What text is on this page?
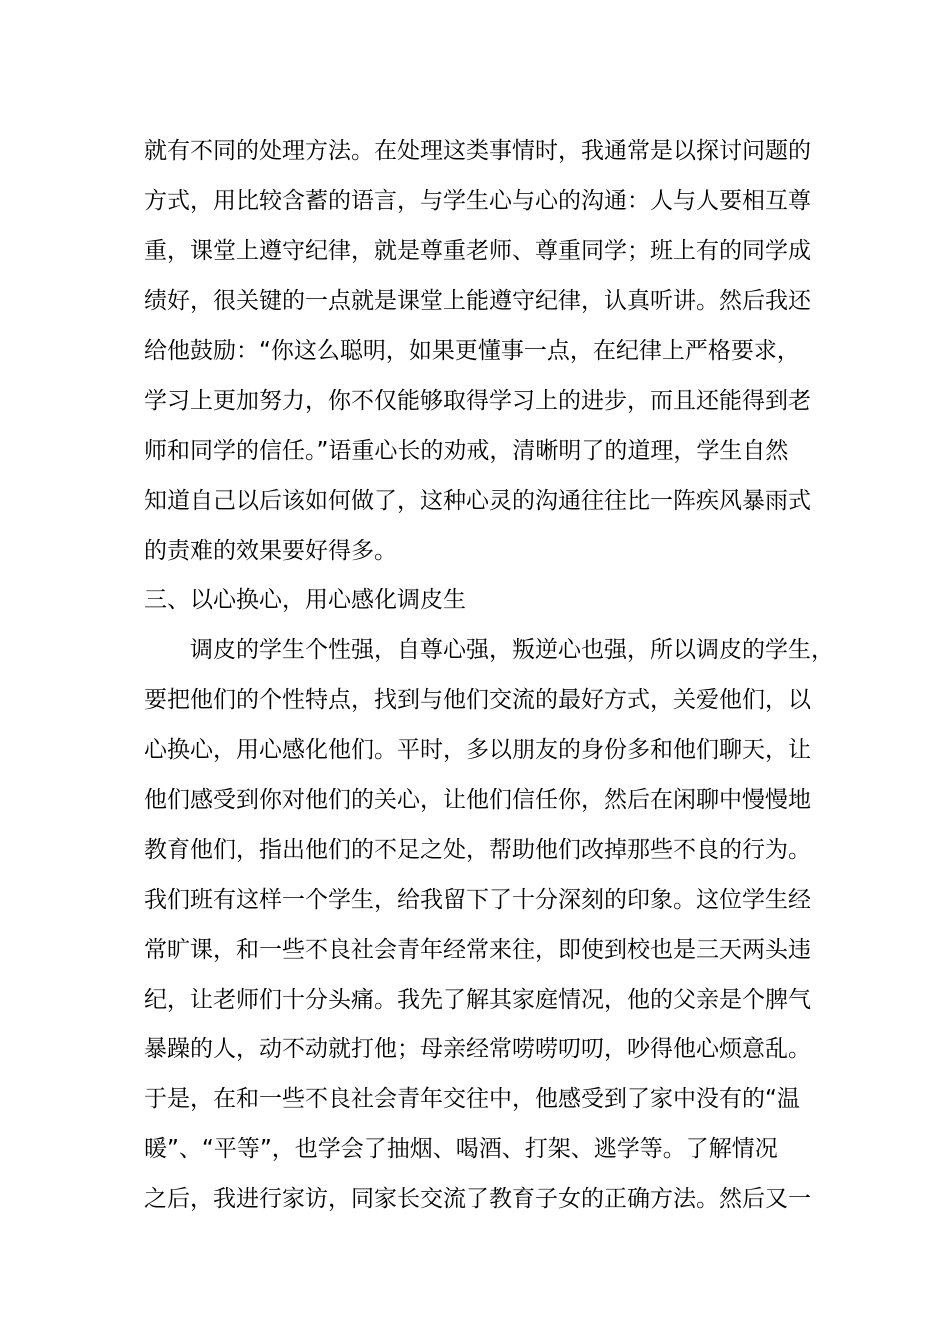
就有不同的处理方法。在处理这类事情时，我通常是以探讨问题的
方式，用比较含蓄的语言，与学生心与心的沟通：人与人要相互尊
重，课堂上遵守纪律，就是尊重老师、尊重同学；班上有的同学成
绩好，很关键的一点就是课堂上能遵守纪律，认真听讲。然后我还
给他鼓励：“你这么聪明，如果更懂事一点，在纪律上严格要求，
学习上更加努力，你不仅能够取得学习上的进步，而且还能得到老
师和同学的信任。”语重心长的劝戒，清晰明了的道理，学生自然
知道自己以后该如何做了，这种心灵的沟通往往比一阵疾风暴雨式
的责难的效果要好得多。
三、以心换心，用心感化调皮生
调皮的学生个性强，自尊心强，叛逆心也强，所以调皮的学生，
要把他们的个性特点，找到与他们交流的最好方式，关爱他们，以
心换心，用心感化他们。平时，多以朋友的身份多和他们聊天，让
他们感受到你对他们的关心，让他们信任你，然后在闲聊中慢慢地
教育他们，指出他们的不足之处，帮助他们改掉那些不良的行为。
我们班有这样一个学生，给我留下了十分深刻的印象。这位学生经
常旷课，和一些不良社会青年经常来往，即使到校也是三天两头违
纪，让老师们十分头痛。我先了解其家庭情况，他的父亲是个脾气
暴躁的人，动不动就打他；母亲经常唠唠叨叨，吵得他心烦意乱。
于是，在和一些不良社会青年交往中，他感受到了家中没有的“温
暖”、“平等”，也学会了抽烟、喝酒、打架、逃学等。了解情况
之后，我进行家访，同家长交流了教育子女的正确方法。然后又一
